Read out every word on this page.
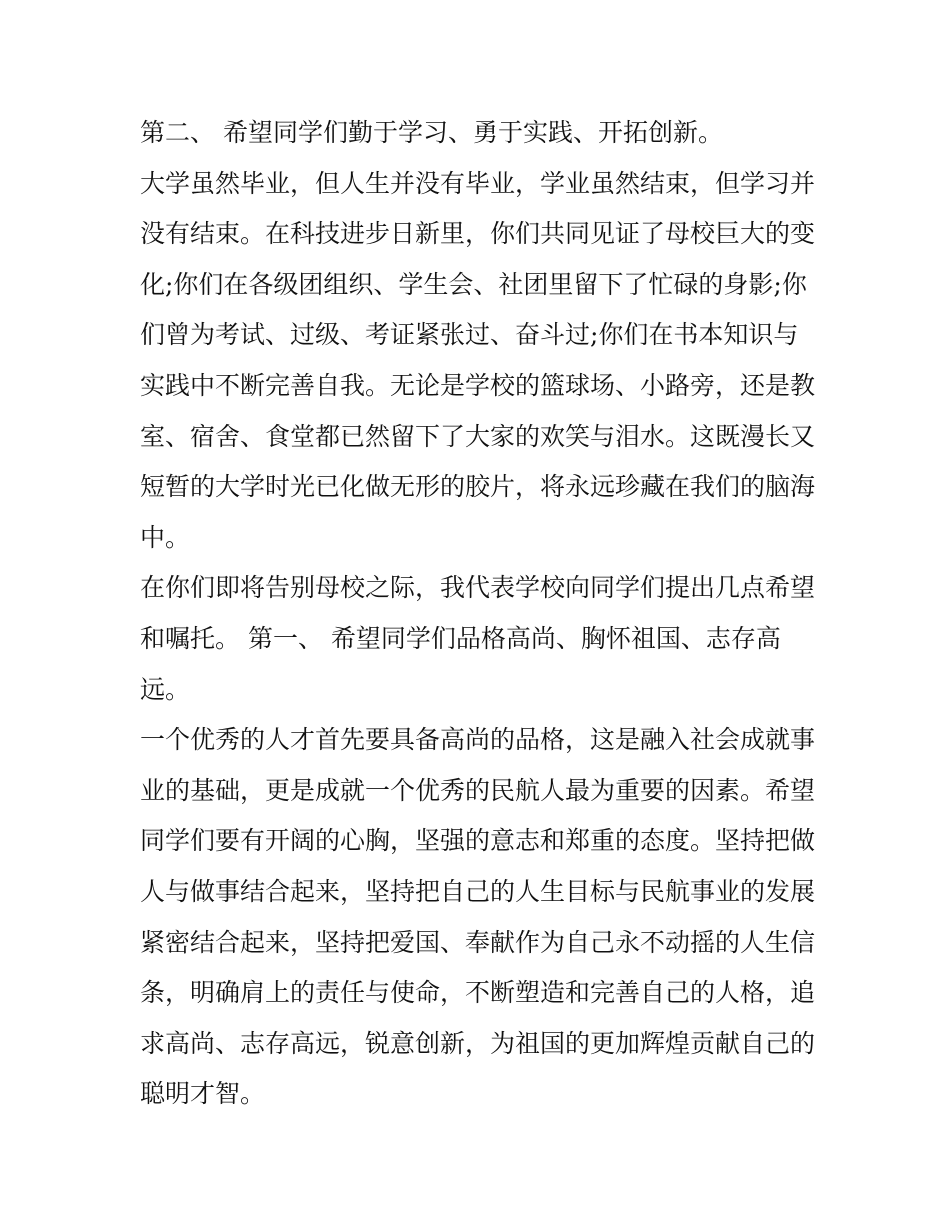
第二、 希望同学们勤于学习、勇于实践、开拓创新。
大学虽然毕业，但人生并没有毕业，学业虽然结束，但学习并
没有结束。在科技进步日新里，你们共同见证了母校巨大的变
化;你们在各级团组织、学生会、社团里留下了忙碌的身影;你
们曾为考试、过级、考证紧张过、奋斗过;你们在书本知识与
实践中不断完善自我。无论是学校的篮球场、小路旁，还是教
室、宿舍、食堂都已然留下了大家的欢笑与泪水。这既漫长又
短暂的大学时光已化做无形的胶片，将永远珍藏在我们的脑海
中。
在你们即将告别母校之际，我代表学校向同学们提出几点希望
和嘱托。 第一、 希望同学们品格高尚、胸怀祖国、志存高
远。
一个优秀的人才首先要具备高尚的品格，这是融入社会成就事
业的基础，更是成就一个优秀的民航人最为重要的因素。希望
同学们要有开阔的心胸，坚强的意志和郑重的态度。坚持把做
人与做事结合起来，坚持把自己的人生目标与民航事业的发展
紧密结合起来，坚持把爱国、奉献作为自己永不动摇的人生信
条，明确肩上的责任与使命，不断塑造和完善自己的人格，追
求高尚、志存高远，锐意创新，为祖国的更加辉煌贡献自己的
聪明才智。
